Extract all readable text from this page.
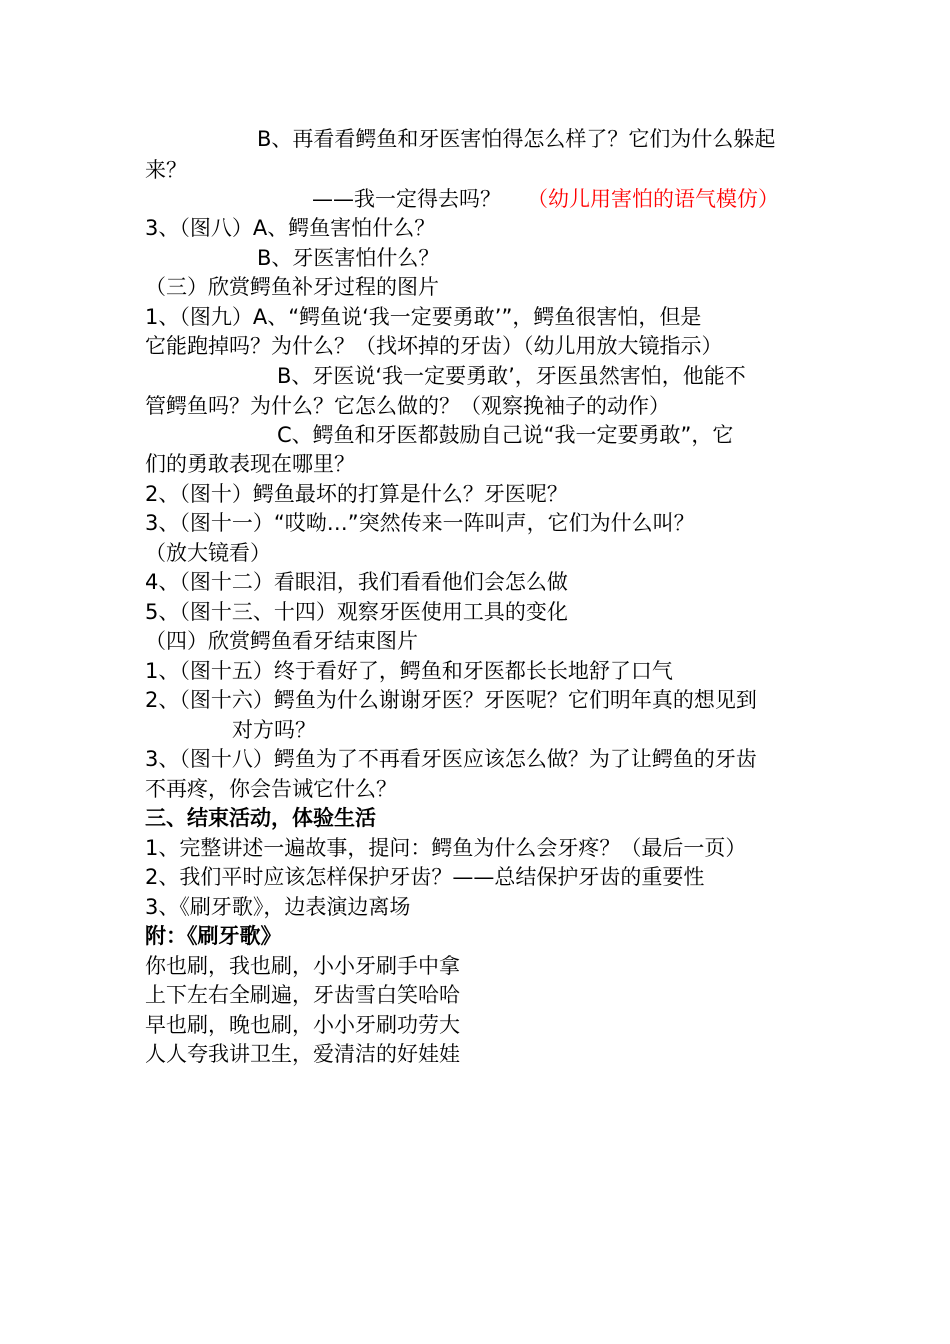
B、再看看鳄鱼和牙医害怕得怎么样了？它们为什么躲起
来？
——我一定得去吗？ （幼儿用害怕的语气模仿）
3、（图八）A、鳄鱼害怕什么？
B、牙医害怕什么？
（三）欣赏鳄鱼补牙过程的图片
1、（图九）A、“鳄鱼说‘我一定要勇敢’”，鳄鱼很害怕，但是
它能跑掉吗？为什么？（找坏掉的牙齿）（幼儿用放大镜指示）
B、牙医说‘我一定要勇敢’，牙医虽然害怕，他能不
管鳄鱼吗？为什么？它怎么做的？（观察挽袖子的动作）
C、鳄鱼和牙医都鼓励自己说“我一定要勇敢”，它
们的勇敢表现在哪里？
2、（图十）鳄鱼最坏的打算是什么？牙医呢？
3、（图十一）“哎呦…”突然传来一阵叫声，它们为什么叫？
（放大镜看）
4、（图十二）看眼泪，我们看看他们会怎么做
5、（图十三、十四）观察牙医使用工具的变化
（四）欣赏鳄鱼看牙结束图片
1、（图十五）终于看好了，鳄鱼和牙医都长长地舒了口气
2、（图十六）鳄鱼为什么谢谢牙医？牙医呢？它们明年真的想见到
对方吗？
3、（图十八）鳄鱼为了不再看牙医应该怎么做？为了让鳄鱼的牙齿
不再疼，你会告诫它什么？
三、结束活动，体验生活
1、完整讲述一遍故事，提问：鳄鱼为什么会牙疼？（最后一页）
2、我们平时应该怎样保护牙齿？——总结保护牙齿的重要性
3、《刷牙歌》，边表演边离场
附：《刷牙歌》
你也刷，我也刷，小小牙刷手中拿
上下左右全刷遍，牙齿雪白笑哈哈
早也刷，晚也刷，小小牙刷功劳大
人人夸我讲卫生，爱清洁的好娃娃
